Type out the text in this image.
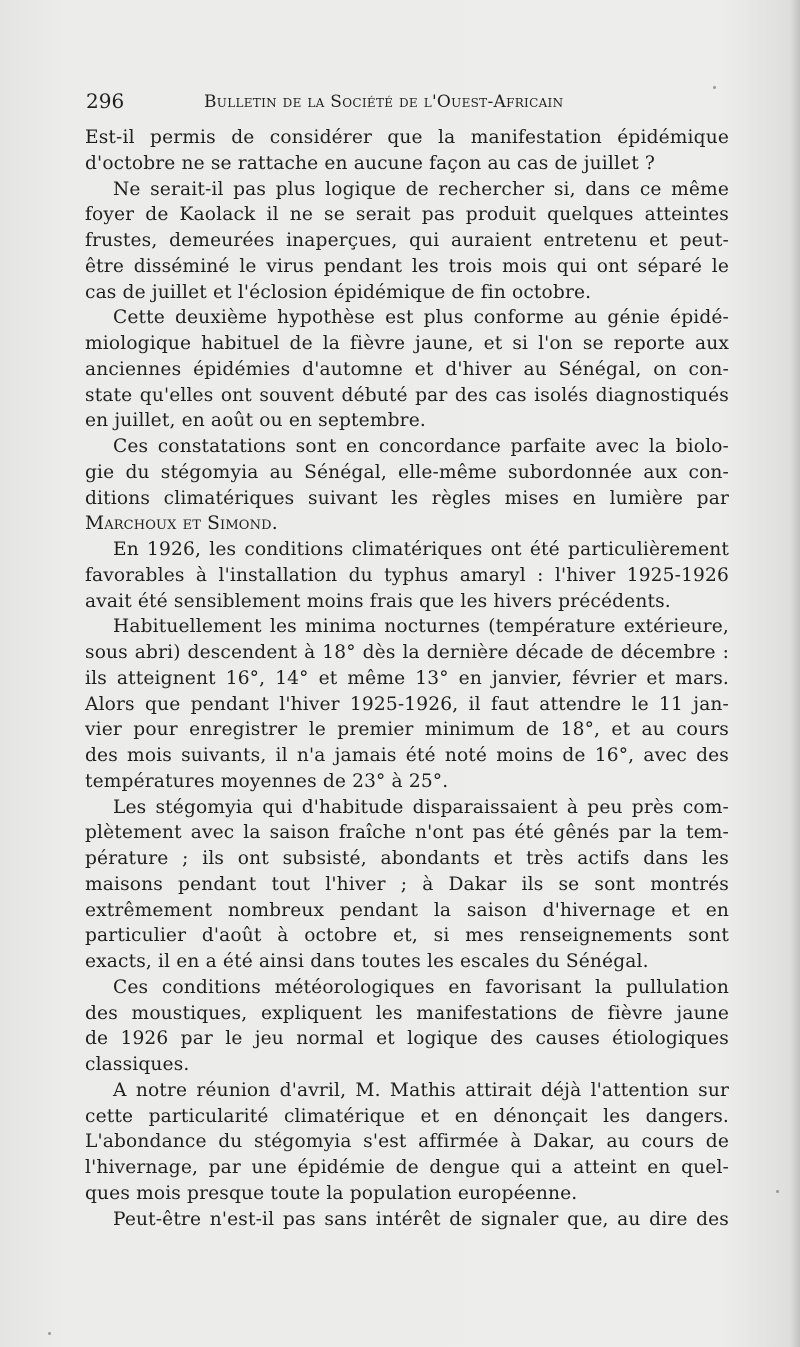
296	Bulletin de la Société de l'Ouest-Africain
Est-il permis de considérer que la manifestation épidémique
d'octobre ne se rattache en aucune façon au cas de juillet ?
Ne serait-il pas plus logique de rechercher si, dans ce même
foyer de Kaolack il ne se serait pas produit quelques atteintes
frustes, demeurées inaperçues, qui auraient entretenu et peut-
être disséminé le virus pendant les trois mois qui ont séparé le
cas de juillet et l'éclosion épidémique de fin octobre.
Cette deuxième hypothèse est plus conforme au génie épidé-
miologique habituel de la fièvre jaune, et si l'on se reporte aux
anciennes épidémies d'automne et d'hiver au Sénégal, on con-
state qu'elles ont souvent débuté par des cas isolés diagnostiqués
en juillet, en août ou en septembre.
Ces constatations sont en concordance parfaite avec la biolo-
gie du stégomyia au Sénégal, elle-même subordonnée aux con-
ditions climatériques suivant les règles mises en lumière par
Marchoux et Simond.
En 1926, les conditions climatériques ont été particulièrement
favorables à l'installation du typhus amaryl : l'hiver 1925-1926
avait été sensiblement moins frais que les hivers précédents.
Habituellement les minima nocturnes (température extérieure,
sous abri) descendent à 18° dès la dernière décade de décembre :
ils atteignent 16°, 14° et même 13° en janvier, février et mars.
Alors que pendant l'hiver 1925-1926, il faut attendre le 11 jan-
vier pour enregistrer le premier minimum de 18°, et au cours
des mois suivants, il n'a jamais été noté moins de 16°, avec des
températures moyennes de 23° à 25°.
Les stégomyia qui d'habitude disparaissaient à peu près com-
plètement avec la saison fraîche n'ont pas été gênés par la tem-
pérature ; ils ont subsisté, abondants et très actifs dans les
maisons pendant tout l'hiver ; à Dakar ils se sont montrés
extrêmement nombreux pendant la saison d'hivernage et en
particulier d'août à octobre et, si mes renseignements sont
exacts, il en a été ainsi dans toutes les escales du Sénégal.
Ces conditions météorologiques en favorisant la pullulation
des moustiques, expliquent les manifestations de fièvre jaune
de 1926 par le jeu normal et logique des causes étiologiques
classiques.
A notre réunion d'avril, M. Mathis attirait déjà l'attention sur
cette particularité climatérique et en dénonçait les dangers.
L'abondance du stégomyia s'est affirmée à Dakar, au cours de
l'hivernage, par une épidémie de dengue qui a atteint en quel-
ques mois presque toute la population européenne.
Peut-être n'est-il pas sans intérêt de signaler que, au dire des
